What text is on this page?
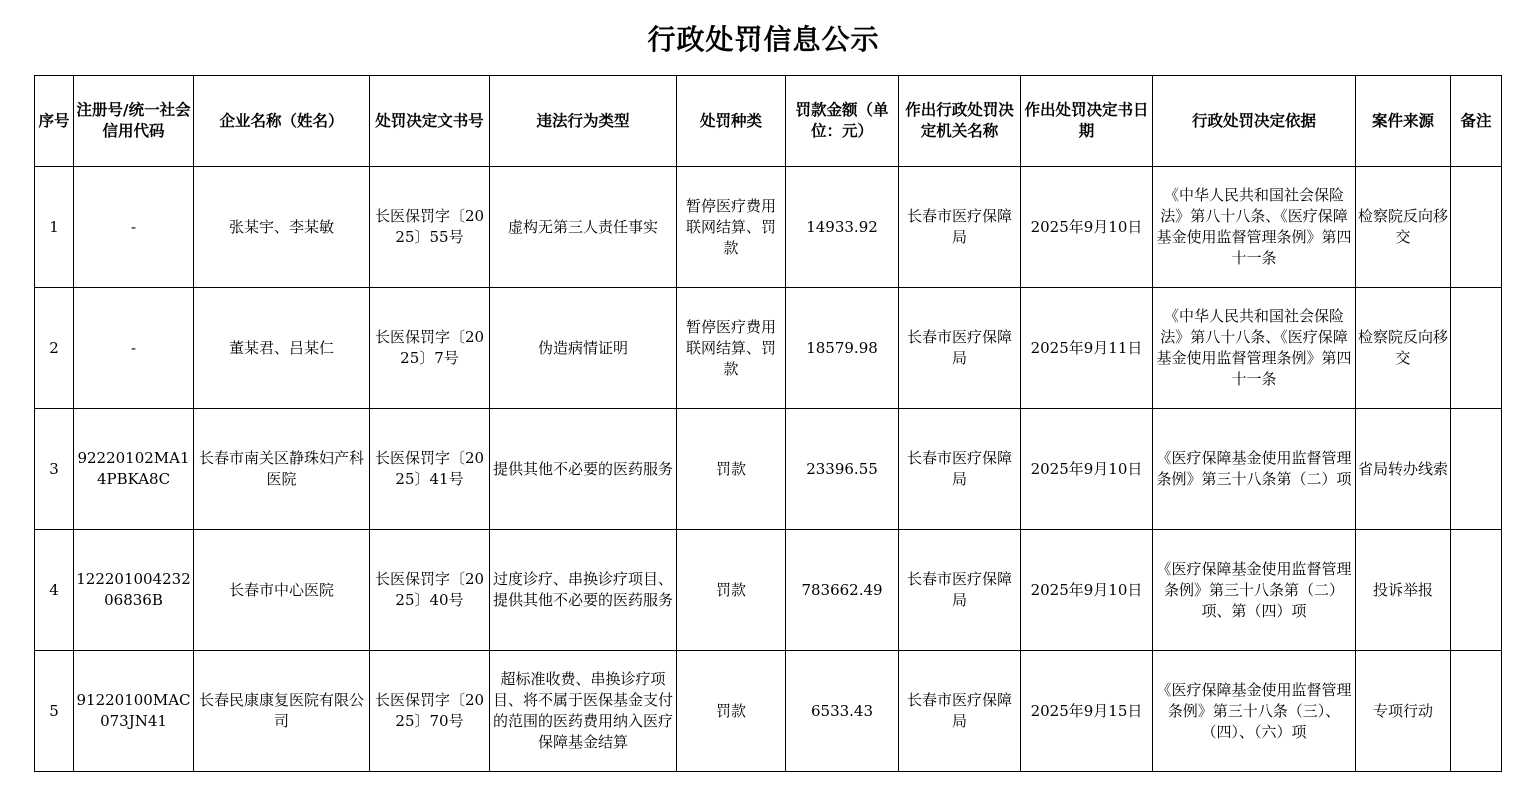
行政处罚信息公示
序号	注册号/统一社会信用代码	企业名称（姓名）	处罚决定文书号	违法行为类型	处罚种类	罚款金额（单位：元）	作出行政处罚决定机关名称	作出处罚决定书日期	行政处罚决定依据	案件来源	备注
1	-	张某宇、李某敏	长医保罚字〔2025〕55号	虚构无第三人责任事实	暂停医疗费用联网结算、罚款	14933.92	长春市医疗保障局	2025年9月10日	《中华人民共和国社会保险法》第八十八条、《医疗保障基金使用监督管理条例》第四十一条	检察院反向移交	
2	-	董某君、吕某仁	长医保罚字〔2025〕7号	伪造病情证明	暂停医疗费用联网结算、罚款	18579.98	长春市医疗保障局	2025年9月11日	《中华人民共和国社会保险法》第八十八条、《医疗保障基金使用监督管理条例》第四十一条	检察院反向移交	
3	92220102MA14PBKA8C	长春市南关区静珠妇产科医院	长医保罚字〔2025〕41号	提供其他不必要的医药服务	罚款	23396.55	长春市医疗保障局	2025年9月10日	《医疗保障基金使用监督管理条例》第三十八条第（二）项	省局转办线索	
4	12220100423206836B	长春市中心医院	长医保罚字〔2025〕40号	过度诊疗、串换诊疗项目、提供其他不必要的医药服务	罚款	783662.49	长春市医疗保障局	2025年9月10日	《医疗保障基金使用监督管理条例》第三十八条第（二）项、第（四）项	投诉举报	
5	91220100MAC073JN41	长春民康康复医院有限公司	长医保罚字〔2025〕70号	超标准收费、串换诊疗项目、将不属于医保基金支付的范围的医药费用纳入医疗保障基金结算	罚款	6533.43	长春市医疗保障局	2025年9月15日	《医疗保障基金使用监督管理条例》第三十八条（三）、（四）、（六）项	专项行动	
